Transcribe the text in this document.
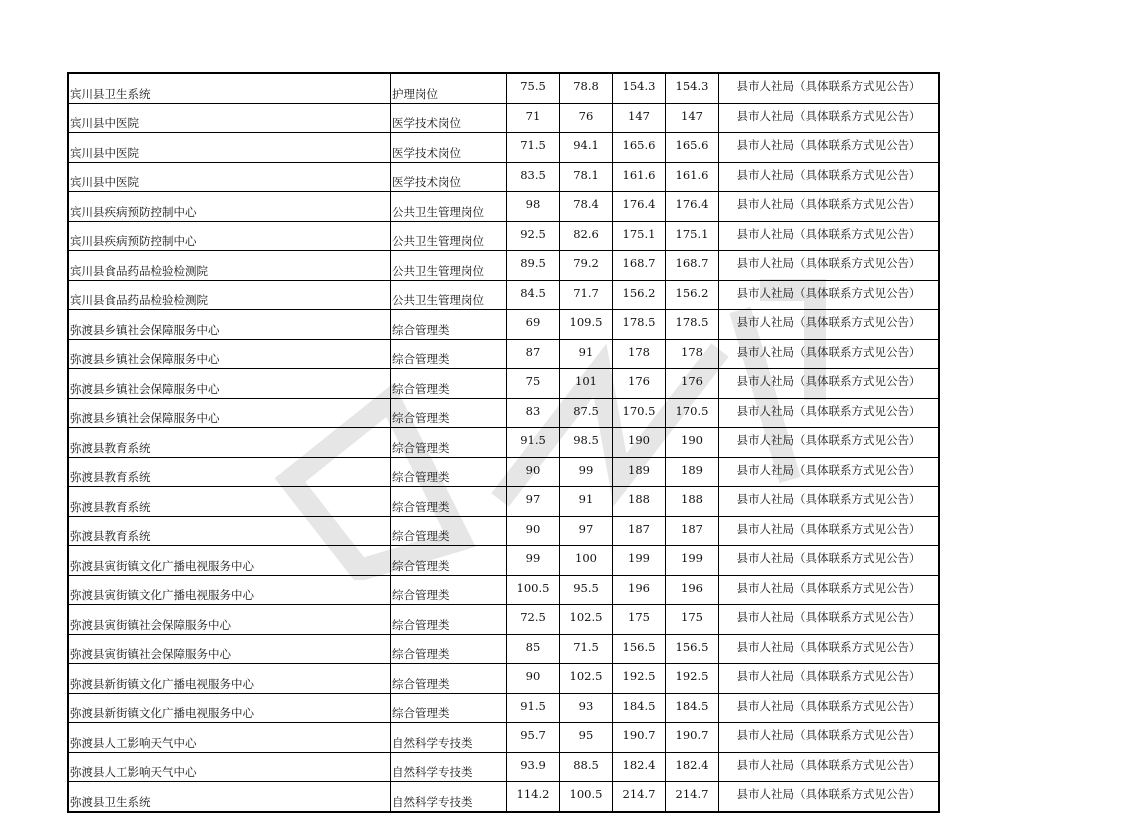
宾川县卫生系统	护理岗位	75.5	78.8	154.3	154.3	县市人社局（具体联系方式见公告）
宾川县中医院	医学技术岗位	71	76	147	147	县市人社局（具体联系方式见公告）
宾川县中医院	医学技术岗位	71.5	94.1	165.6	165.6	县市人社局（具体联系方式见公告）
宾川县中医院	医学技术岗位	83.5	78.1	161.6	161.6	县市人社局（具体联系方式见公告）
宾川县疾病预防控制中心	公共卫生管理岗位	98	78.4	176.4	176.4	县市人社局（具体联系方式见公告）
宾川县疾病预防控制中心	公共卫生管理岗位	92.5	82.6	175.1	175.1	县市人社局（具体联系方式见公告）
宾川县食品药品检验检测院	公共卫生管理岗位	89.5	79.2	168.7	168.7	县市人社局（具体联系方式见公告）
宾川县食品药品检验检测院	公共卫生管理岗位	84.5	71.7	156.2	156.2	县市人社局（具体联系方式见公告）
弥渡县乡镇社会保障服务中心	综合管理类	69	109.5	178.5	178.5	县市人社局（具体联系方式见公告）
弥渡县乡镇社会保障服务中心	综合管理类	87	91	178	178	县市人社局（具体联系方式见公告）
弥渡县乡镇社会保障服务中心	综合管理类	75	101	176	176	县市人社局（具体联系方式见公告）
弥渡县乡镇社会保障服务中心	综合管理类	83	87.5	170.5	170.5	县市人社局（具体联系方式见公告）
弥渡县教育系统	综合管理类	91.5	98.5	190	190	县市人社局（具体联系方式见公告）
弥渡县教育系统	综合管理类	90	99	189	189	县市人社局（具体联系方式见公告）
弥渡县教育系统	综合管理类	97	91	188	188	县市人社局（具体联系方式见公告）
弥渡县教育系统	综合管理类	90	97	187	187	县市人社局（具体联系方式见公告）
弥渡县寅街镇文化广播电视服务中心	综合管理类	99	100	199	199	县市人社局（具体联系方式见公告）
弥渡县寅街镇文化广播电视服务中心	综合管理类	100.5	95.5	196	196	县市人社局（具体联系方式见公告）
弥渡县寅街镇社会保障服务中心	综合管理类	72.5	102.5	175	175	县市人社局（具体联系方式见公告）
弥渡县寅街镇社会保障服务中心	综合管理类	85	71.5	156.5	156.5	县市人社局（具体联系方式见公告）
弥渡县新街镇文化广播电视服务中心	综合管理类	90	102.5	192.5	192.5	县市人社局（具体联系方式见公告）
弥渡县新街镇文化广播电视服务中心	综合管理类	91.5	93	184.5	184.5	县市人社局（具体联系方式见公告）
弥渡县人工影响天气中心	自然科学专技类	95.7	95	190.7	190.7	县市人社局（具体联系方式见公告）
弥渡县人工影响天气中心	自然科学专技类	93.9	88.5	182.4	182.4	县市人社局（具体联系方式见公告）
弥渡县卫生系统	自然科学专技类	114.2	100.5	214.7	214.7	县市人社局（具体联系方式见公告）
